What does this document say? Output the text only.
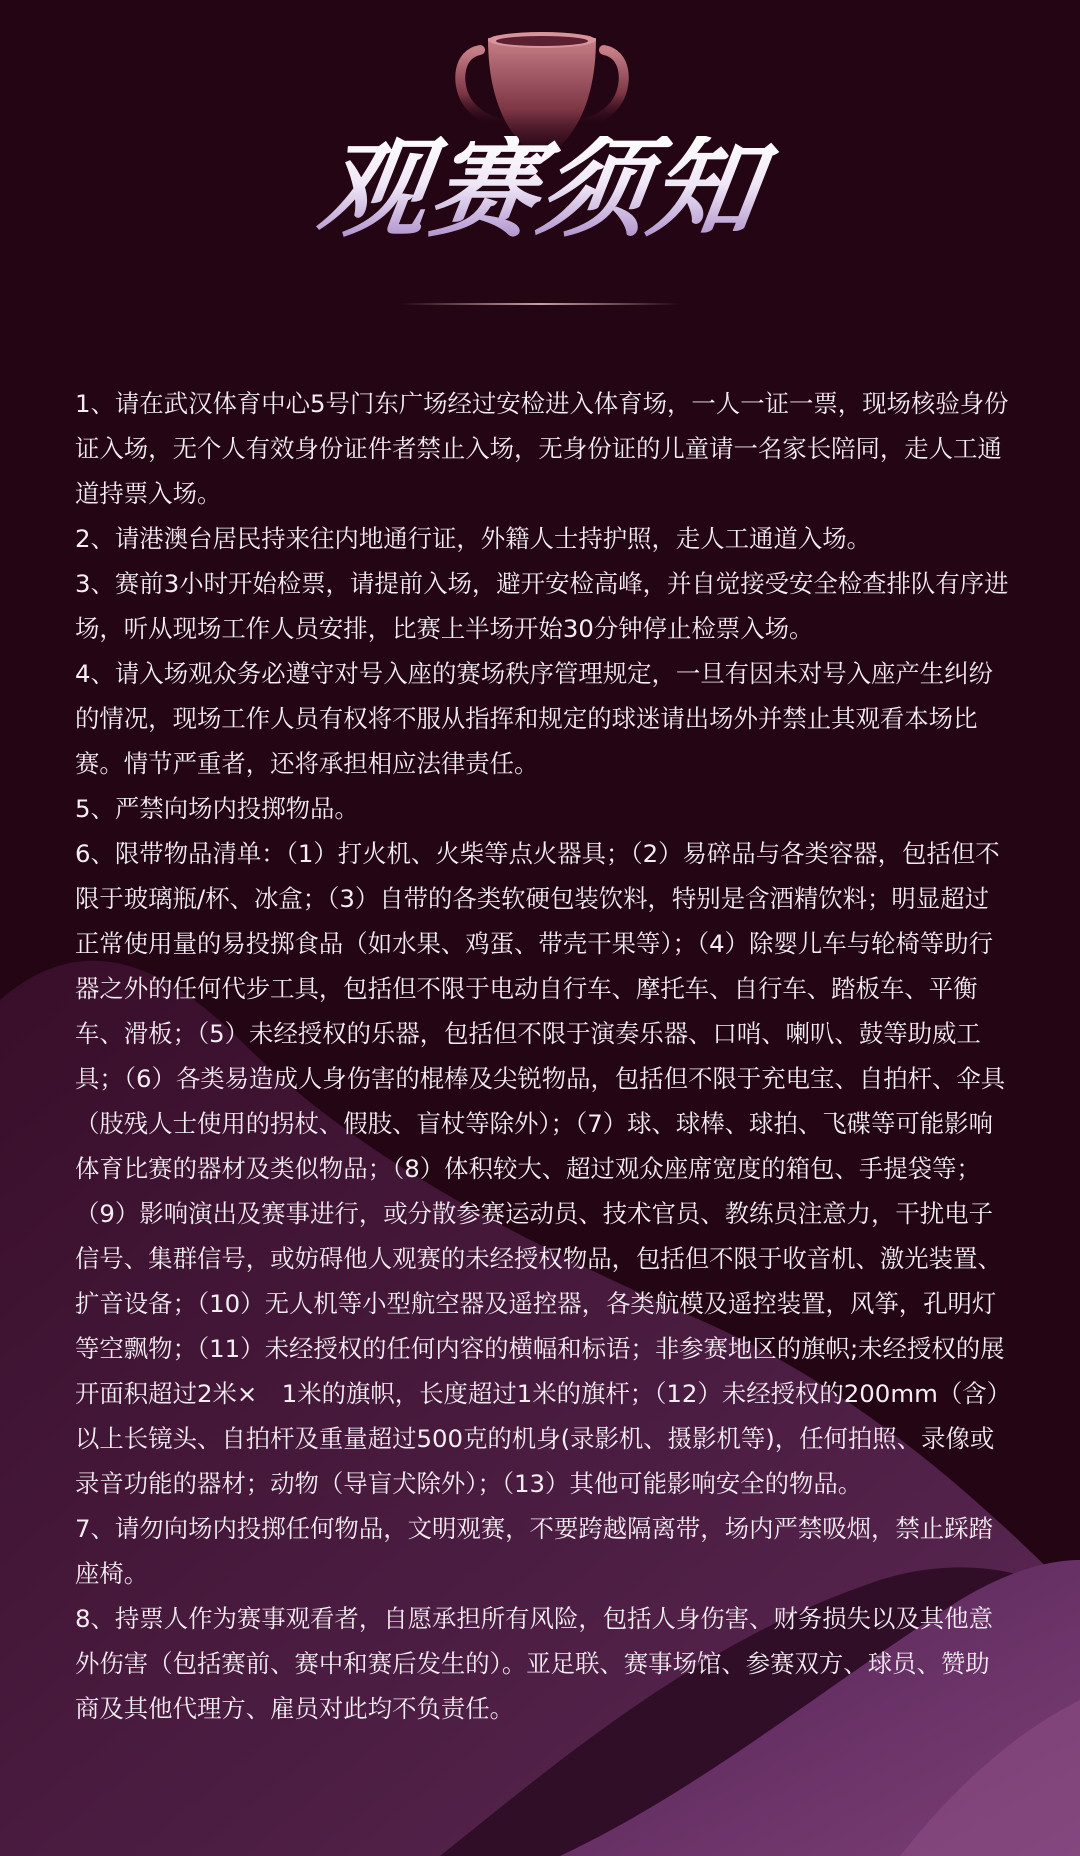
观赛须知

1、请在武汉体育中心5号门东广场经过安检进入体育场，一人一证一票，现场核验身份证入场，无个人有效身份证件者禁止入场，无身份证的儿童请一名家长陪同，走人工通道持票入场。

2、请港澳台居民持来往内地通行证，外籍人士持护照，走人工通道入场。

3、赛前3小时开始检票，请提前入场，避开安检高峰，并自觉接受安全检查排队有序进场，听从现场工作人员安排，比赛上半场开始30分钟停止检票入场。

4、请入场观众务必遵守对号入座的赛场秩序管理规定，一旦有因未对号入座产生纠纷的情况，现场工作人员有权将不服从指挥和规定的球迷请出场外并禁止其观看本场比赛。情节严重者，还将承担相应法律责任。

5、严禁向场内投掷物品。

6、限带物品清单：（1）打火机、火柴等点火器具；（2）易碎品与各类容器，包括但不限于玻璃瓶/杯、冰盒；（3）自带的各类软硬包装饮料，特别是含酒精饮料；明显超过正常使用量的易投掷食品（如水果、鸡蛋、带壳干果等）；（4）除婴儿车与轮椅等助行器之外的任何代步工具，包括但不限于电动自行车、摩托车、自行车、踏板车、平衡车、滑板；（5）未经授权的乐器，包括但不限于演奏乐器、口哨、喇叭、鼓等助威工具；（6）各类易造成人身伤害的棍棒及尖锐物品，包括但不限于充电宝、自拍杆、伞具（肢残人士使用的拐杖、假肢、盲杖等除外）；（7）球、球棒、球拍、飞碟等可能影响体育比赛的器材及类似物品；（8）体积较大、超过观众座席宽度的箱包、手提袋等；（9）影响演出及赛事进行，或分散参赛运动员、技术官员、教练员注意力，干扰电子信号、集群信号，或妨碍他人观赛的未经授权物品，包括但不限于收音机、激光装置、扩音设备；（10）无人机等小型航空器及遥控器，各类航模及遥控装置，风筝，孔明灯等空飘物；（11）未经授权的任何内容的横幅和标语；非参赛地区的旗帜;未经授权的展开面积超过2米×　1米的旗帜，长度超过1米的旗杆；（12）未经授权的200mm（含）以上长镜头、自拍杆及重量超过500克的机身(录影机、摄影机等)，任何拍照、录像或录音功能的器材；动物（导盲犬除外）；（13）其他可能影响安全的物品。

7、请勿向场内投掷任何物品，文明观赛，不要跨越隔离带，场内严禁吸烟，禁止踩踏座椅。

8、持票人作为赛事观看者，自愿承担所有风险，包括人身伤害、财务损失以及其他意外伤害（包括赛前、赛中和赛后发生的）。亚足联、赛事场馆、参赛双方、球员、赞助商及其他代理方、雇员对此均不负责任。
